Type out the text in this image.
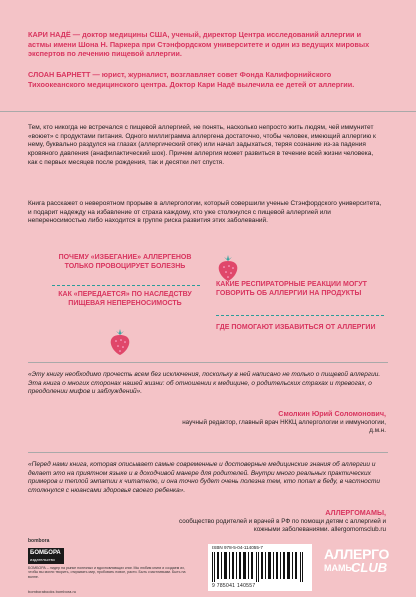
КАРИ НАДЁ — доктор медицины США, ученый, директор Центра исследований аллергии и астмы имени Шона Н. Паркера при Стэнфордском университете и один из ведущих мировых экспертов по лечению пищевой аллергии.
СЛОАН БАРНЕТТ — юрист, журналист, возглавляет совет Фонда Калифорнийского Тихоокеанского медицинского центра. Доктор Кари Надё вылечила ее детей от аллергии.
Тем, кто никогда не встречался с пищевой аллергией, не понять, насколько непросто жить людям, чей иммунитет «воюет» с продуктами питания. Одного миллиграмма аллергена достаточно, чтобы человек, имеющий аллергию к нему, буквально раздулся на глазах (аллергический отек) или начал задыхаться, теряя сознание из-за падения кровяного давления (анафилактический шок). Причем аллергия может развиться в течение всей жизни человека, как с первых месяцев после рождения, так и десятки лет спустя.
Книга расскажет о невероятном прорыве в аллергологии, который совершили ученые Стэнфордского университета, и подарит надежду на избавление от страха каждому, кто уже столкнулся с пищевой аллергией или непереносимостью либо находится в группе риска развития этих заболеваний.
ПОЧЕМУ «ИЗБЕГАНИЕ» АЛЛЕРГЕНОВ ТОЛЬКО ПРОВОЦИРУЕТ БОЛЕЗНЬ
КАК «ПЕРЕДАЕТСЯ» ПО НАСЛЕДСТВУ ПИЩЕВАЯ НЕПЕРЕНОСИМОСТЬ
КАКИЕ РЕСПИРАТОРНЫЕ РЕАКЦИИ МОГУТ ГОВОРИТЬ ОБ АЛЛЕРГИИ НА ПРОДУКТЫ
ГДЕ ПОМОГАЮТ ИЗБАВИТЬСЯ ОТ АЛЛЕРГИИ
«Эту книгу необходимо прочесть всем без исключения, поскольку в ней написано не только о пищевой аллергии. Эта книга о многих сторонах нашей жизни: об отношении к медицине, о родительских страхах и тревогах, о преодолении мифов и заблуждений».
Смолкин Юрий Соломонович,
научный редактор, главный врач НККЦ аллергологии и иммунологии, д.м.н.
«Перед нами книга, которая описывает самые современные и достоверные медицинские знания об аллергии и делает это на приятном языке и в доходчивой манере для родителей. Внутри много реальных практических примеров и теплой эмпатии к читателю, и она точно будет очень полезна тем, кто попал в беду, в частности столкнулся с нюансами здоровья своего ребенка».
АЛЛЕРГОМАМЫ,
сообщество родителей и врачей в РФ по помощи детям с аллергией и кожными заболеваниями. allergomomsclub.ru
bombora
БОМБОРА
издательство
БОМБОРА – лидер на рынке полезных и вдохновляющих книг. Мы любим книги и создаем их, чтобы вы могли творить, открывать мир, пробовать новое, расти. Быть счастливыми. Быть на волне.
bomborabooks bombora.ru
ISBN 978-5-04-114055-7
9 785041 140557
АЛЛЕРГО
МАМЫ
CLUB
